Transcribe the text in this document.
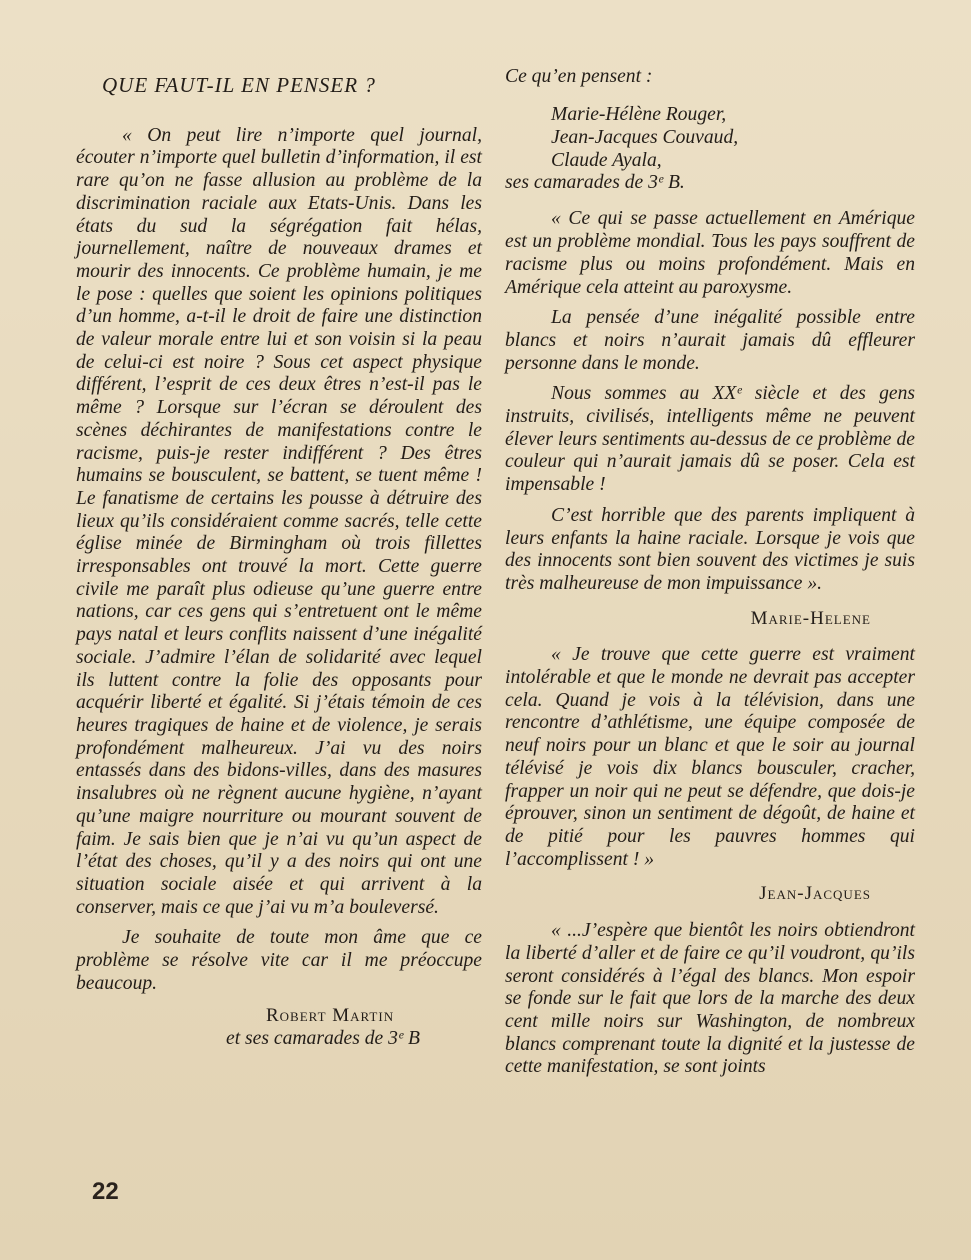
QUE FAUT-IL EN PENSER ?

« On peut lire n’importe quel journal, écouter n’importe quel bulletin d’information, il est rare qu’on ne fasse allusion au problème de la discrimination raciale aux Etats-Unis. Dans les états du sud la ségrégation fait hélas, journellement, naître de nouveaux drames et mourir des innocents. Ce problème humain, je me le pose : quelles que soient les opinions politiques d’un homme, a-t-il le droit de faire une distinction de valeur morale entre lui et son voisin si la peau de celui-ci est noire ? Sous cet aspect physique différent, l’esprit de ces deux êtres n’est-il pas le même ? Lorsque sur l’écran se déroulent des scènes déchirantes de manifestations contre le racisme, puis-je rester indifférent ? Des êtres humains se bousculent, se battent, se tuent même ! Le fanatisme de certains les pousse à détruire des lieux qu’ils considéraient comme sacrés, telle cette église minée de Birmingham où trois fillettes irresponsables ont trouvé la mort. Cette guerre civile me paraît plus odieuse qu’une guerre entre nations, car ces gens qui s’entretuent ont le même pays natal et leurs conflits naissent d’une inégalité sociale. J’admire l’élan de solidarité avec lequel ils luttent contre la folie des opposants pour acquérir liberté et égalité. Si j’étais témoin de ces heures tragiques de haine et de violence, je serais profondément malheureux. J’ai vu des noirs entassés dans des bidons-villes, dans des masures insalubres où ne règnent aucune hygiène, n’ayant qu’une maigre nourriture ou mourant souvent de faim. Je sais bien que je n’ai vu qu’un aspect de l’état des choses, qu’il y a des noirs qui ont une situation sociale aisée et qui arrivent à la conserver, mais ce que j’ai vu m’a bouleversé.

Je souhaite de toute mon âme que ce problème se résolve vite car il me préoccupe beaucoup.

Robert Martin

et ses camarades de 3ᵉ B

Ce qu’en pensent :

Marie-Hélène Rouger,
Jean-Jacques Couvaud,
Claude Ayala,

ses camarades de 3ᵉ B.

« Ce qui se passe actuellement en Amérique est un problème mondial. Tous les pays souffrent de racisme plus ou moins profondément. Mais en Amérique cela atteint au paroxysme.

La pensée d’une inégalité possible entre blancs et noirs n’aurait jamais dû effleurer personne dans le monde.

Nous sommes au XXᵉ siècle et des gens instruits, civilisés, intelligents même ne peuvent élever leurs sentiments au-dessus de ce problème de couleur qui n’aurait jamais dû se poser. Cela est impensable !

C’est horrible que des parents impliquent à leurs enfants la haine raciale. Lorsque je vois que des innocents sont bien souvent des victimes je suis très malheureuse de mon impuissance ».

Marie-Helene

« Je trouve que cette guerre est vraiment intolérable et que le monde ne devrait pas accepter cela. Quand je vois à la télévision, dans une rencontre d’athlétisme, une équipe composée de neuf noirs pour un blanc et que le soir au journal télévisé je vois dix blancs bousculer, cracher, frapper un noir qui ne peut se défendre, que dois-je éprouver, sinon un sentiment de dégoût, de haine et de pitié pour les pauvres hommes qui l’accomplissent ! »

Jean-Jacques

« ...J’espère que bientôt les noirs obtiendront la liberté d’aller et de faire ce qu’il voudront, qu’ils seront considérés à l’égal des blancs. Mon espoir se fonde sur le fait que lors de la marche des deux cent mille noirs sur Washington, de nombreux blancs comprenant toute la dignité et la justesse de cette manifestation, se sont joints

22
